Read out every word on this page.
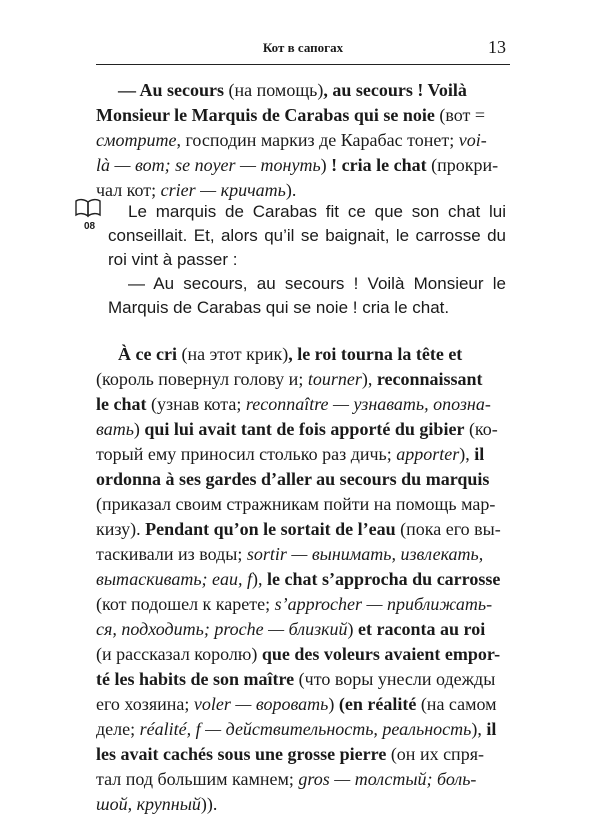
Кот в сапогах	13

— Au secours (на помощь), au secours ! Voilà

Monsieur le Marquis de Carabas qui se noie (вот =

смотрите, господин маркиз де Карабас тонет; voi-

là — вот; se noyer — тонуть) ! cria le chat (прокри-

чал кот; crier — кричать).

08

Le marquis de Carabas fit ce que son chat lui conseillait. Et, alors qu’il se baignait, le carrosse du roi vint à passer :

— Au secours, au secours ! Voilà Monsieur le Marquis de Carabas qui se noie ! cria le chat.

À ce cri (на этот крик), le roi tourna la tête et

(король повернул голову и; tourner), reconnaissant

le chat (узнав кота; reconnaître — узнавать, опозна-

вать) qui lui avait tant de fois apporté du gibier (ко-

торый ему приносил столько раз дичь; apporter), il

ordonna à ses gardes d’aller au secours du marquis

(приказал своим стражникам пойти на помощь мар-

кизу). Pendant qu’on le sortait de l’eau (пока его вы-

таскивали из воды; sortir — вынимать, извлекать,

вытаскивать; eau, f), le chat s’approcha du carrosse

(кот подошел к карете; s’approcher — приближать-

ся, подходить; proche — близкий) et raconta au roi

(и рассказал королю) que des voleurs avaient empor-

té les habits de son maître (что воры унесли одежды

его хозяина; voler — воровать) (en réalité (на самом

деле; réalité, f — действительность, реальность), il

les avait cachés sous une grosse pierre (он их спря-

тал под большим камнем; gros — толстый; боль-

шой, крупный)).
